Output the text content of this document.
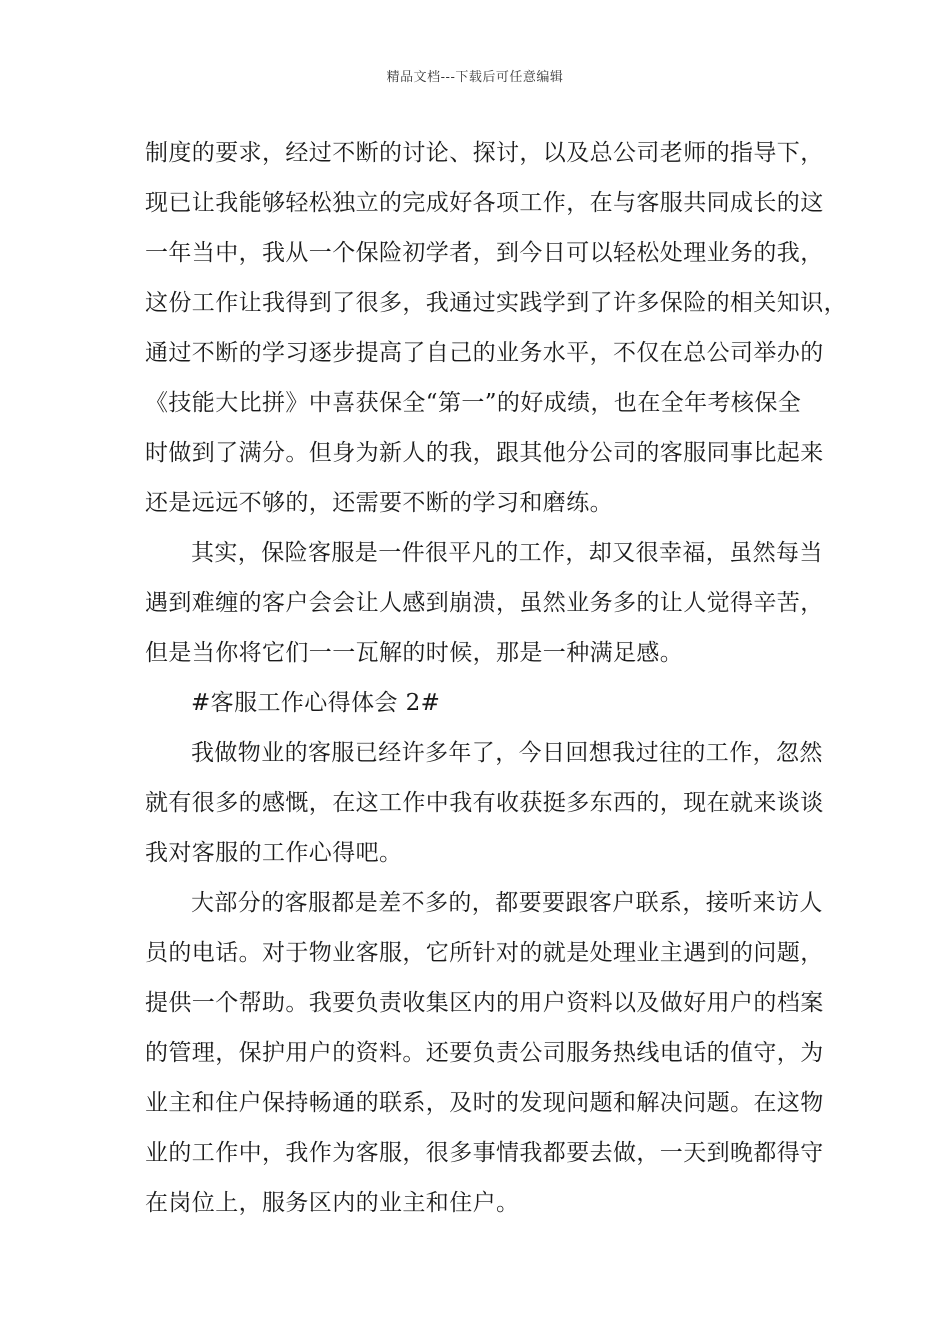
精品文档---下载后可任意编辑
制度的要求，经过不断的讨论、探讨，以及总公司老师的指导下，
现已让我能够轻松独立的完成好各项工作，在与客服共同成长的这
一年当中，我从一个保险初学者，到今日可以轻松处理业务的我，
这份工作让我得到了很多，我通过实践学到了许多保险的相关知识，
通过不断的学习逐步提高了自己的业务水平，不仅在总公司举办的
《技能大比拼》中喜获保全“第一”的好成绩，也在全年考核保全
时做到了满分。但身为新人的我，跟其他分公司的客服同事比起来
还是远远不够的，还需要不断的学习和磨练。
其实，保险客服是一件很平凡的工作，却又很幸福，虽然每当
遇到难缠的客户会会让人感到崩溃，虽然业务多的让人觉得辛苦，
但是当你将它们一一瓦解的时候，那是一种满足感。
#客服工作心得体会 2#
我做物业的客服已经许多年了，今日回想我过往的工作，忽然
就有很多的感慨，在这工作中我有收获挺多东西的，现在就来谈谈
我对客服的工作心得吧。
大部分的客服都是差不多的，都要要跟客户联系，接听来访人
员的电话。对于物业客服，它所针对的就是处理业主遇到的问题，
提供一个帮助。我要负责收集区内的用户资料以及做好用户的档案
的管理，保护用户的资料。还要负责公司服务热线电话的值守，为
业主和住户保持畅通的联系，及时的发现问题和解决问题。在这物
业的工作中，我作为客服，很多事情我都要去做，一天到晚都得守
在岗位上，服务区内的业主和住户。
